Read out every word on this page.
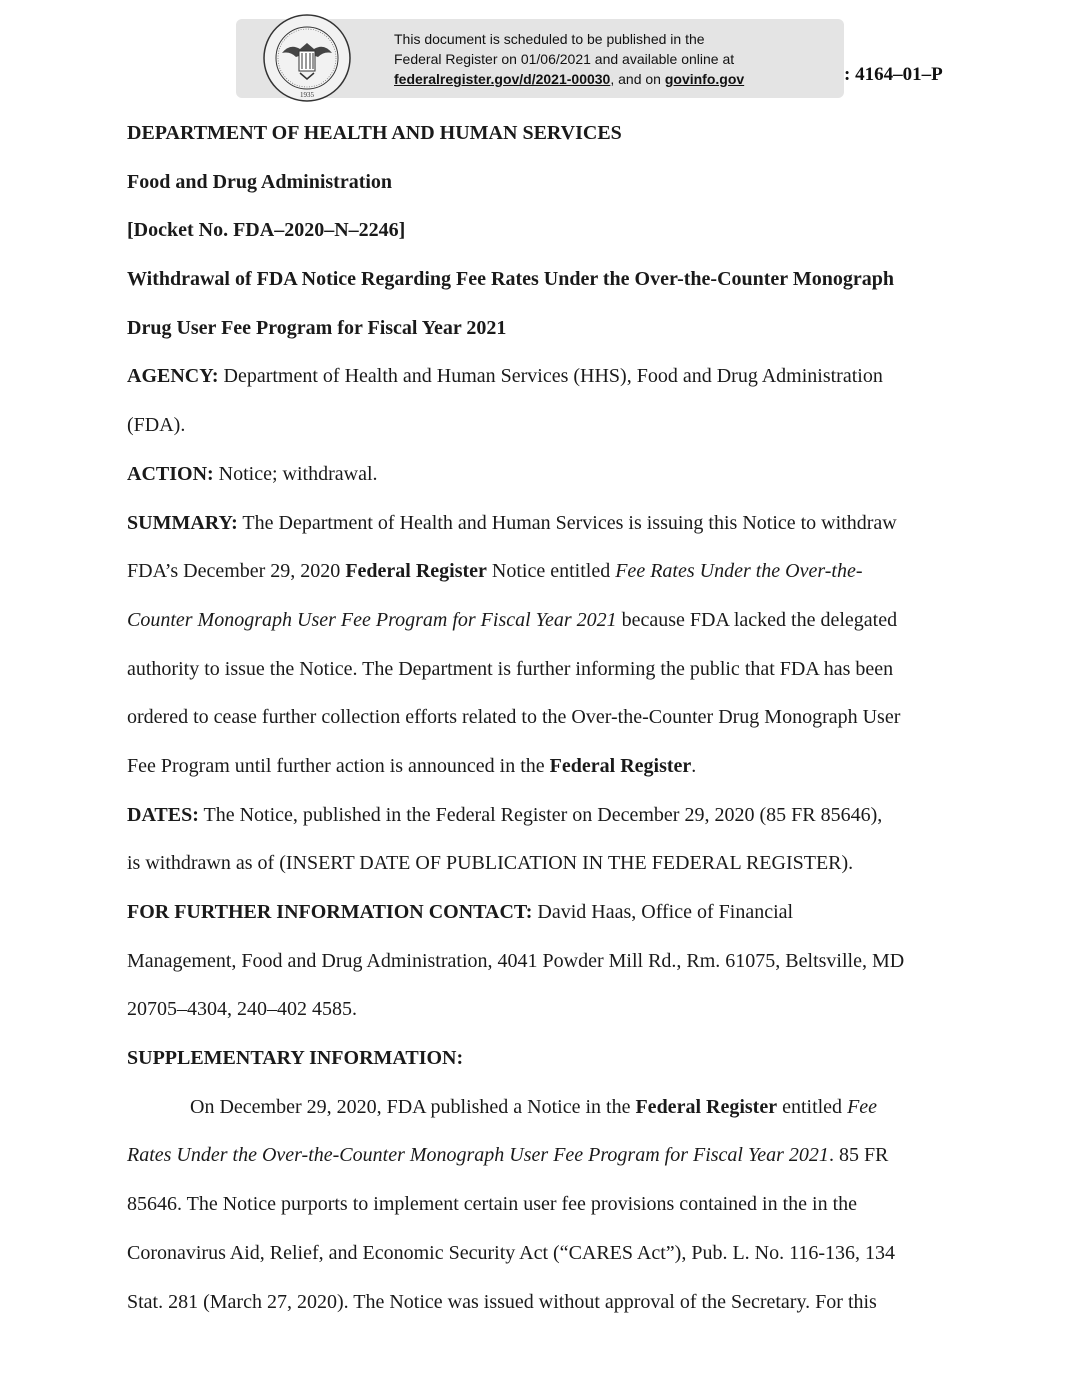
1935
This document is scheduled to be published in the
Federal Register on 01/06/2021 and available online at
federalregister.gov/d/2021-00030, and on govinfo.gov	: 4164–01–P
DEPARTMENT OF HEALTH AND HUMAN SERVICES
Food and Drug Administration
[Docket No. FDA–2020–N–2246]
Withdrawal of FDA Notice Regarding Fee Rates Under the Over-the-Counter Monograph
Drug User Fee Program for Fiscal Year 2021
AGENCY: Department of Health and Human Services (HHS), Food and Drug Administration
(FDA).
ACTION: Notice; withdrawal.
SUMMARY: The Department of Health and Human Services is issuing this Notice to withdraw
FDA’s December 29, 2020 Federal Register Notice entitled Fee Rates Under the Over-the-
Counter Monograph User Fee Program for Fiscal Year 2021 because FDA lacked the delegated
authority to issue the Notice. The Department is further informing the public that FDA has been
ordered to cease further collection efforts related to the Over-the-Counter Drug Monograph User
Fee Program until further action is announced in the Federal Register.
DATES: The Notice, published in the Federal Register on December 29, 2020 (85 FR 85646),
is withdrawn as of (INSERT DATE OF PUBLICATION IN THE FEDERAL REGISTER).
FOR FURTHER INFORMATION CONTACT: David Haas, Office of Financial
Management, Food and Drug Administration, 4041 Powder Mill Rd., Rm. 61075, Beltsville, MD
20705–4304, 240–402 4585.
SUPPLEMENTARY INFORMATION:
On December 29, 2020, FDA published a Notice in the Federal Register entitled Fee
Rates Under the Over-the-Counter Monograph User Fee Program for Fiscal Year 2021. 85 FR
85646. The Notice purports to implement certain user fee provisions contained in the in the
Coronavirus Aid, Relief, and Economic Security Act (“CARES Act”), Pub. L. No. 116-136, 134
Stat. 281 (March 27, 2020). The Notice was issued without approval of the Secretary. For this
